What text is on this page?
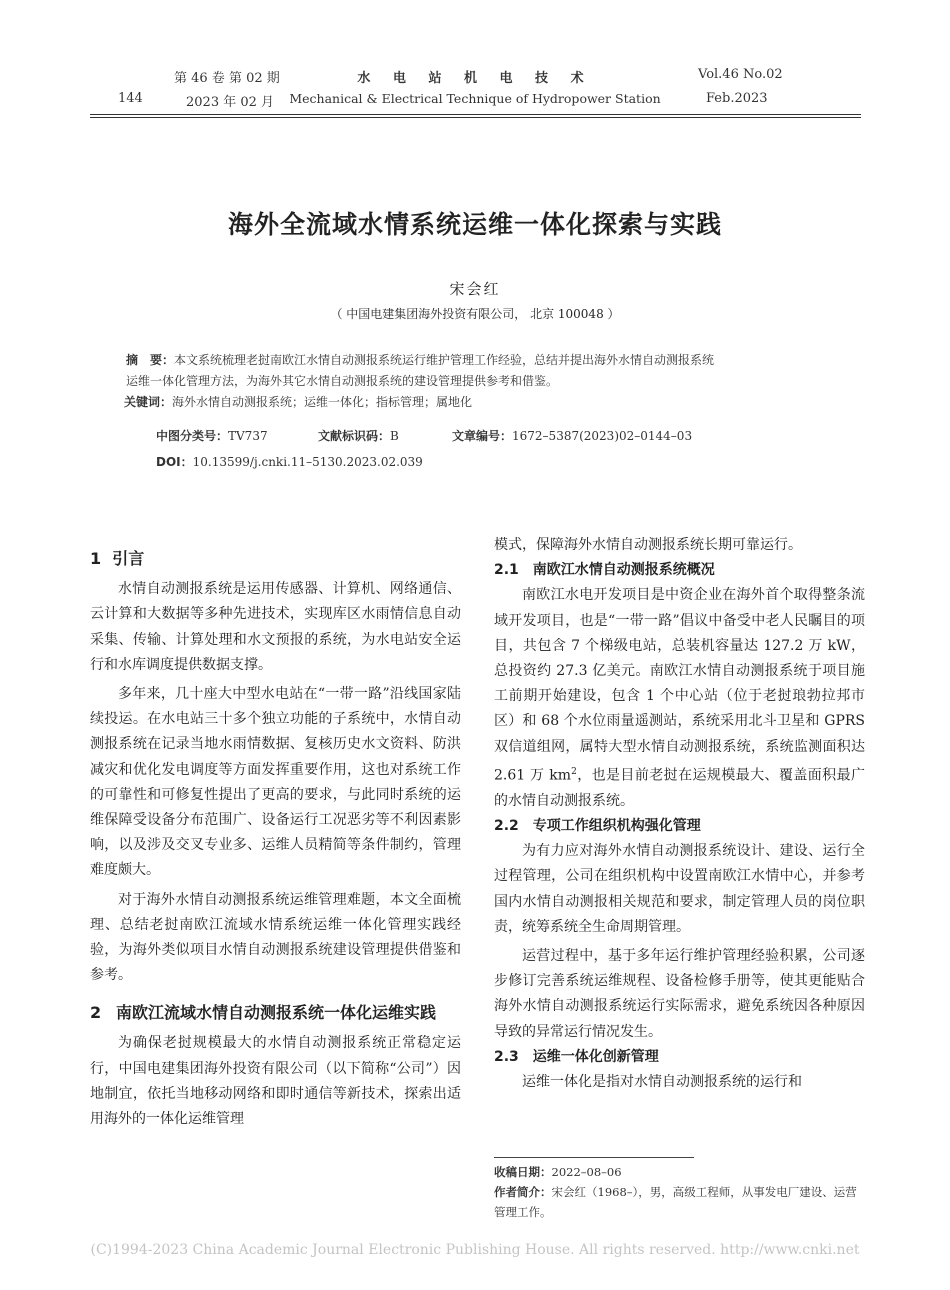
第 46 卷 第 02 期	水 电 站 机 电 技 术	Vol.46 No.02
144	2023 年 02 月	Mechanical & Electrical Technique of Hydropower Station	Feb.2023
海外全流域水情系统运维一体化探索与实践
宋会红
（ 中国电建集团海外投资有限公司， 北京 100048 ）
摘　要：本文系统梳理老挝南欧江水情自动测报系统运行维护管理工作经验，总结并提出海外水情自动测报系统
运维一体化管理方法，为海外其它水情自动测报系统的建设管理提供参考和借鉴。
关键词：海外水情自动测报系统；运维一体化；指标管理；属地化
中图分类号：TV737	文献标识码：B	文章编号：1672–5387(2023)02–0144–03
DOI：10.13599/j.cnki.11–5130.2023.02.039
1 引言

水情自动测报系统是运用传感器、计算机、网络通信、云计算和大数据等多种先进技术，实现库区水雨情信息自动采集、传输、计算处理和水文预报的系统，为水电站安全运行和水库调度提供数据支撑。

多年来，几十座大中型水电站在“一带一路”沿线国家陆续投运。在水电站三十多个独立功能的子系统中，水情自动测报系统在记录当地水雨情数据、复核历史水文资料、防洪减灾和优化发电调度等方面发挥重要作用，这也对系统工作的可靠性和可修复性提出了更高的要求，与此同时系统的运维保障受设备分布范围广、设备运行工况恶劣等不利因素影响，以及涉及交叉专业多、运维人员精简等条件制约，管理难度颇大。

对于海外水情自动测报系统运维管理难题，本文全面梳理、总结老挝南欧江流域水情系统运维一体化管理实践经验，为海外类似项目水情自动测报系统建设管理提供借鉴和参考。

2 南欧江流域水情自动测报系统一体化运维实践

为确保老挝规模最大的水情自动测报系统正常稳定运行，中国电建集团海外投资有限公司（以下简称“公司”）因地制宜，依托当地移动网络和即时通信等新技术，探索出适用海外的一体化运维管理

模式，保障海外水情自动测报系统长期可靠运行。

2.1　南欧江水情自动测报系统概况

南欧江水电开发项目是中资企业在海外首个取得整条流域开发项目，也是“一带一路”倡议中备受中老人民瞩目的项目，共包含 7 个梯级电站，总装机容量达 127.2 万 kW，总投资约 27.3 亿美元。南欧江水情自动测报系统于项目施工前期开始建设，包含 1 个中心站（位于老挝琅勃拉邦市区）和 68 个水位雨量遥测站，系统采用北斗卫星和 GPRS 双信道组网，属特大型水情自动测报系统，系统监测面积达 2.61 万 $km^2$，也是目前老挝在运规模最大、覆盖面积最广的水情自动测报系统。

2.2　专项工作组织机构强化管理

为有力应对海外水情自动测报系统设计、建设、运行全过程管理，公司在组织机构中设置南欧江水情中心，并参考国内水情自动测报相关规范和要求，制定管理人员的岗位职责，统筹系统全生命周期管理。

运营过程中，基于多年运行维护管理经验积累，公司逐步修订完善系统运维规程、设备检修手册等，使其更能贴合海外水情自动测报系统运行实际需求，避免系统因各种原因导致的异常运行情况发生。

2.3　运维一体化创新管理

运维一体化是指对水情自动测报系统的运行和

收稿日期：2022–08–06
作者简介：宋会红（1968–），男，高级工程师，从事发电厂建设、运营管理工作。
(C)1994-2023 China Academic Journal Electronic Publishing House. All rights reserved. http://www.cnki.net
